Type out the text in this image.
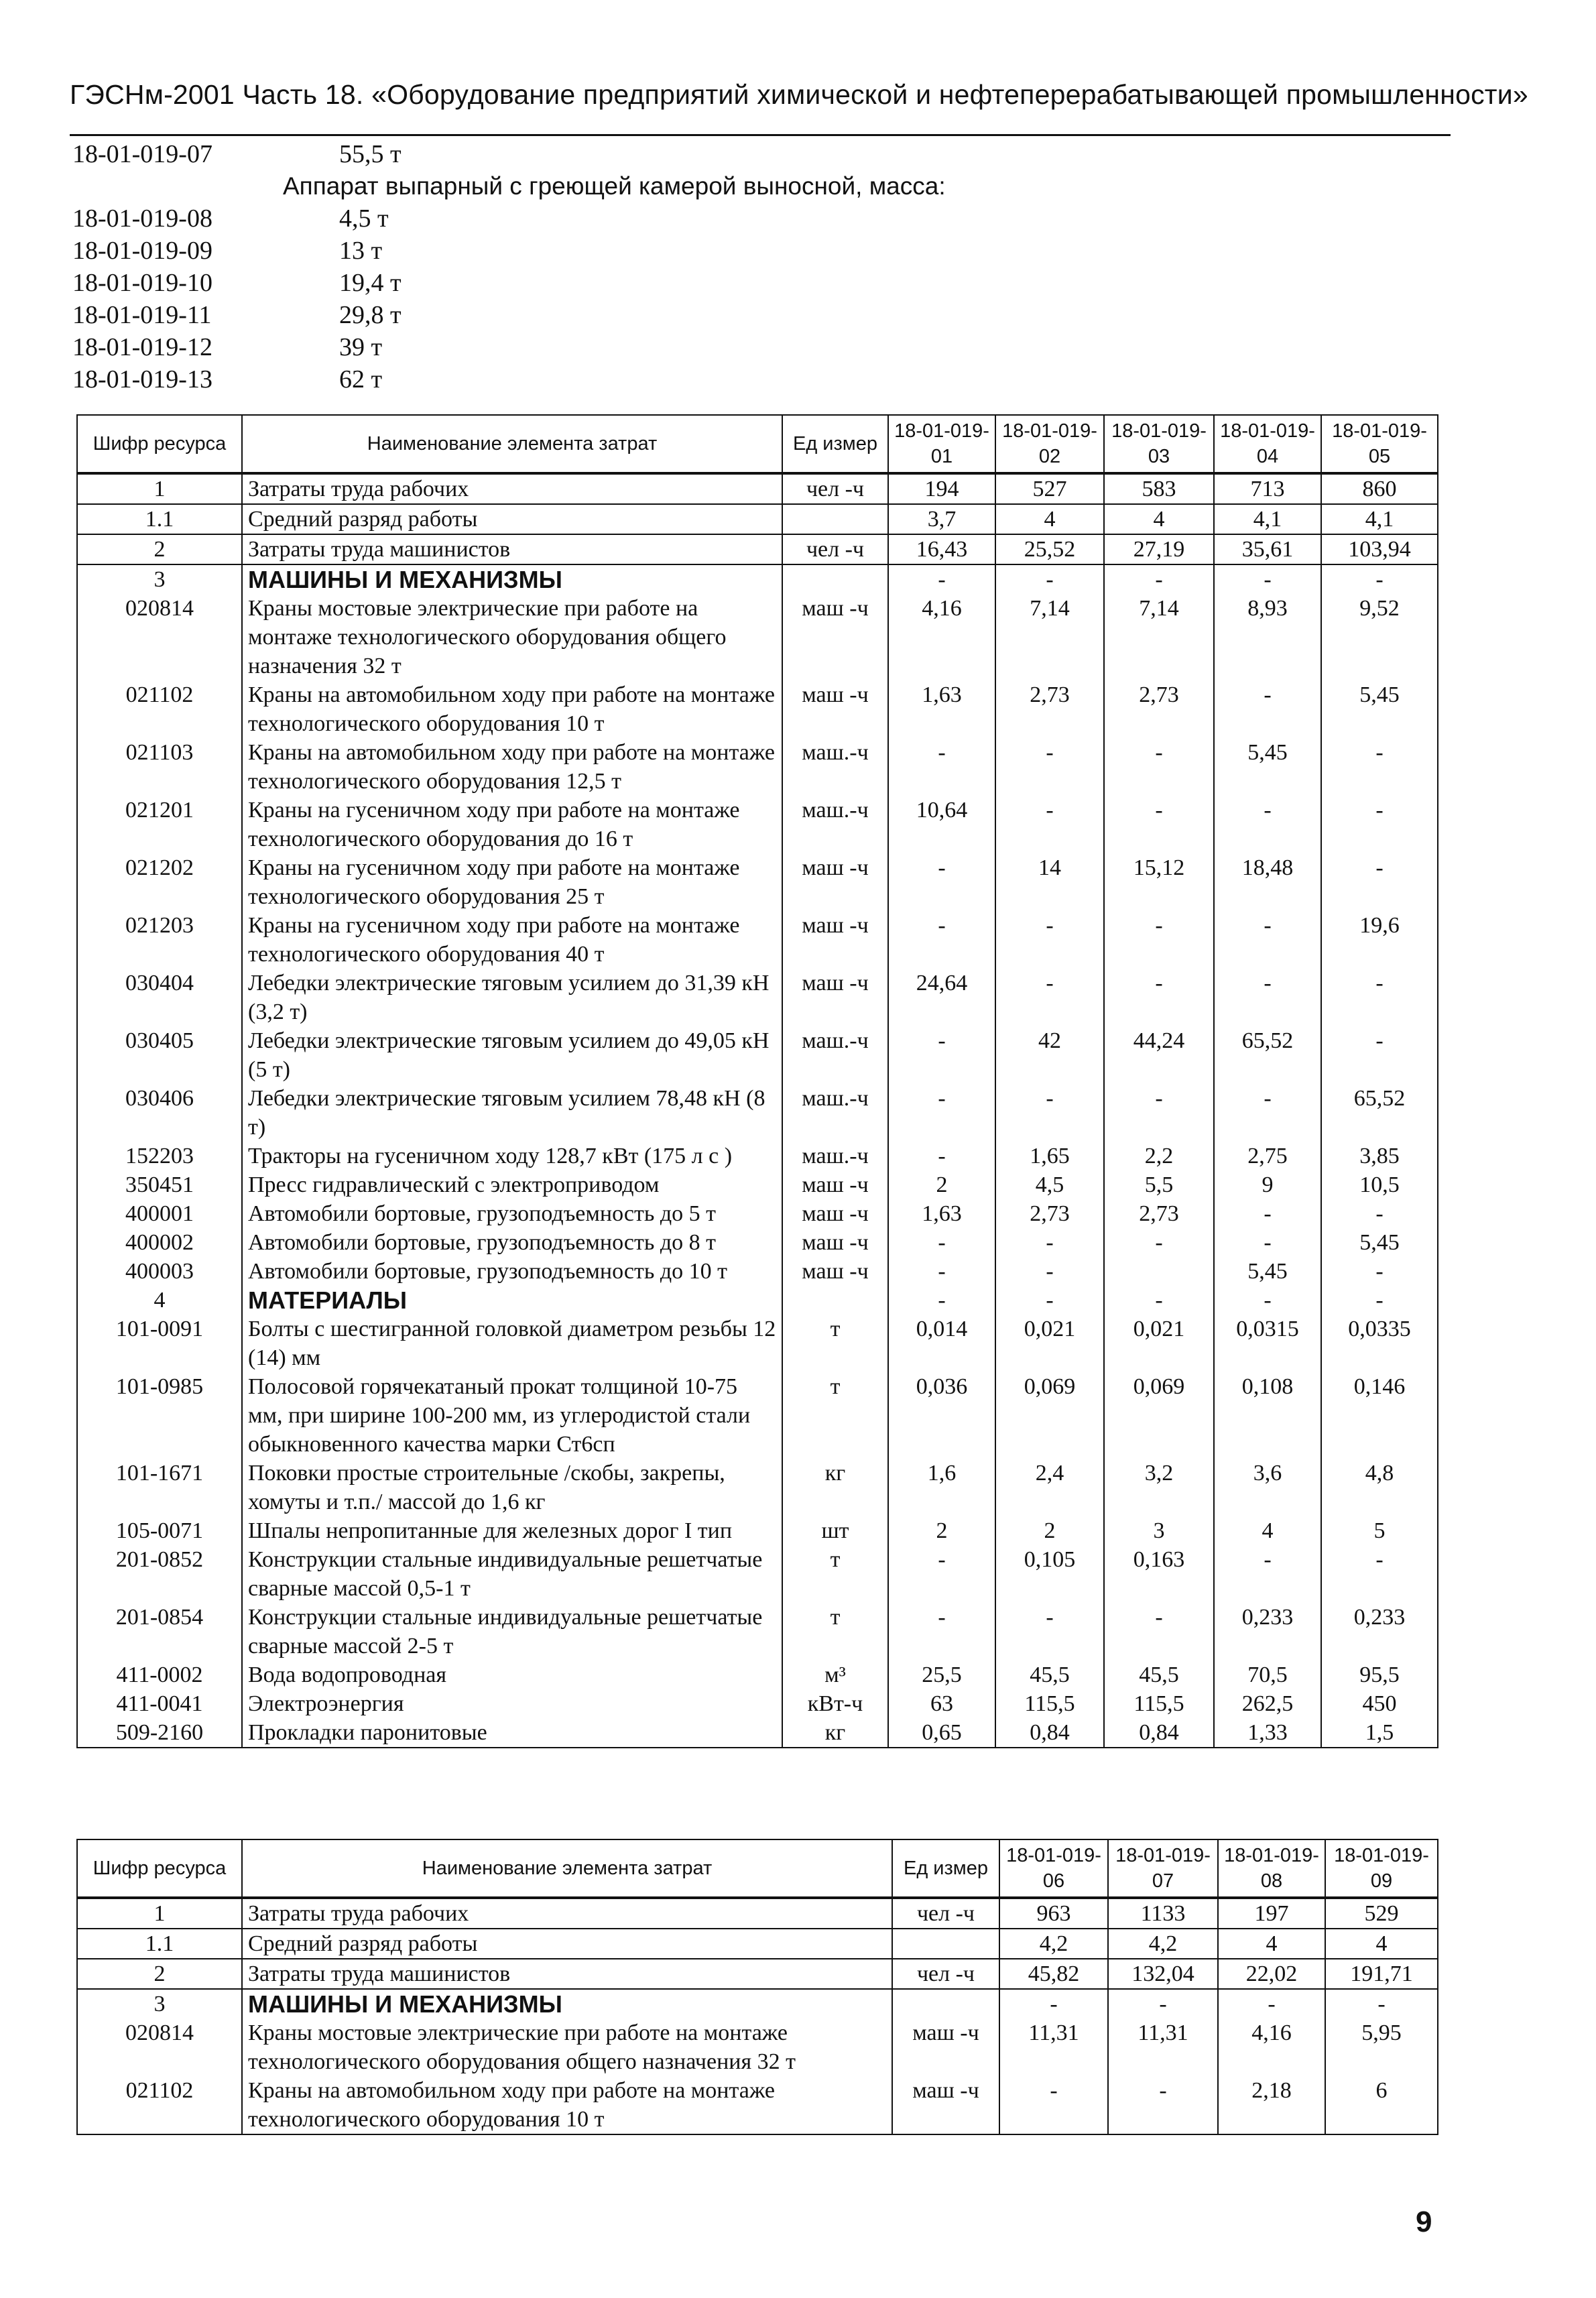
ГЭСНм-2001 Часть 18. «Оборудование предприятий химической и нефтеперерабатывающей промышленности»
18-01-019-07	55,5 т
Аппарат выпарный с греющей камерой выносной, масса:
18-01-019-08	4,5 т
18-01-019-09	13 т
18-01-019-10	19,4 т
18-01-019-11	29,8 т
18-01-019-12	39 т
18-01-019-13	62 т
Шифр ресурса	Наименование элемента затрат	Ед измер	18-01-019-01	18-01-019-02	18-01-019-03	18-01-019-04	18-01-019-05
1	Затраты труда рабочих	чел -ч	194	527	583	713	860
1.1	Средний разряд работы		3,7	4	4	4,1	4,1
2	Затраты труда машинистов	чел -ч	16,43	25,52	27,19	35,61	103,94
3	МАШИНЫ И МЕХАНИЗМЫ		-	-	-	-	-
020814	Краны мостовые электрические при работе на монтаже технологического оборудования общего назначения 32 т	маш -ч	4,16	7,14	7,14	8,93	9,52
021102	Краны на автомобильном ходу при работе на монтаже технологического оборудования 10 т	маш -ч	1,63	2,73	2,73	-	5,45
021103	Краны на автомобильном ходу при работе на монтаже технологического оборудования 12,5 т	маш.-ч	-	-	-	5,45	-
021201	Краны на гусеничном ходу при работе на монтаже технологического оборудования до 16 т	маш.-ч	10,64	-	-	-	-
021202	Краны на гусеничном ходу при работе на монтаже технологического оборудования 25 т	маш -ч	-	14	15,12	18,48	-
021203	Краны на гусеничном ходу при работе на монтаже технологического оборудования 40 т	маш -ч	-	-	-	-	19,6
030404	Лебедки электрические тяговым усилием до 31,39 кН (3,2 т)	маш -ч	24,64	-	-	-	-
030405	Лебедки электрические тяговым усилием до 49,05 кН (5 т)	маш.-ч	-	42	44,24	65,52	-
030406	Лебедки электрические тяговым усилием 78,48 кН (8 т)	маш.-ч	-	-	-	-	65,52
152203	Тракторы на гусеничном ходу 128,7 кВт (175 л с )	маш.-ч	-	1,65	2,2	2,75	3,85
350451	Пресс гидравлический с электроприводом	маш -ч	2	4,5	5,5	9	10,5
400001	Автомобили бортовые, грузоподъемность до 5 т	маш -ч	1,63	2,73	2,73	-	-
400002	Автомобили бортовые, грузоподъемность до 8 т	маш -ч	-	-	-	-	5,45
400003	Автомобили бортовые, грузоподъемность до 10 т	маш -ч	-	-		5,45	-
4	МАТЕРИАЛЫ		-	-	-	-	-
101-0091	Болты с шестигранной головкой диаметром резьбы 12 (14) мм	т	0,014	0,021	0,021	0,0315	0,0335
101-0985	Полосовой горячекатаный прокат толщиной 10-75 мм, при ширине 100-200 мм, из углеродистой стали обыкновенного качества марки Ст6сп	т	0,036	0,069	0,069	0,108	0,146
101-1671	Поковки простые строительные /скобы, закрепы, хомуты и т.п./ массой до 1,6 кг	кг	1,6	2,4	3,2	3,6	4,8
105-0071	Шпалы непропитанные для железных дорог I тип	шт	2	2	3	4	5
201-0852	Конструкции стальные индивидуальные решетчатые сварные массой 0,5-1 т	т	-	0,105	0,163	-	-
201-0854	Конструкции стальные индивидуальные решетчатые сварные массой 2-5 т	т	-	-	-	0,233	0,233
411-0002	Вода водопроводная	м³	25,5	45,5	45,5	70,5	95,5
411-0041	Электроэнергия	кВт-ч	63	115,5	115,5	262,5	450
509-2160	Прокладки паронитовые	кг	0,65	0,84	0,84	1,33	1,5
Шифр ресурса	Наименование элемента затрат	Ед измер	18-01-019-06	18-01-019-07	18-01-019-08	18-01-019-09
1	Затраты труда рабочих	чел -ч	963	1133	197	529
1.1	Средний разряд работы		4,2	4,2	4	4
2	Затраты труда машинистов	чел -ч	45,82	132,04	22,02	191,71
3	МАШИНЫ И МЕХАНИЗМЫ		-	-	-	-
020814	Краны мостовые электрические при работе на монтаже технологического оборудования общего назначения 32 т	маш -ч	11,31	11,31	4,16	5,95
021102	Краны на автомобильном ходу при работе на монтаже технологического оборудования 10 т	маш -ч	-	-	2,18	6
9
